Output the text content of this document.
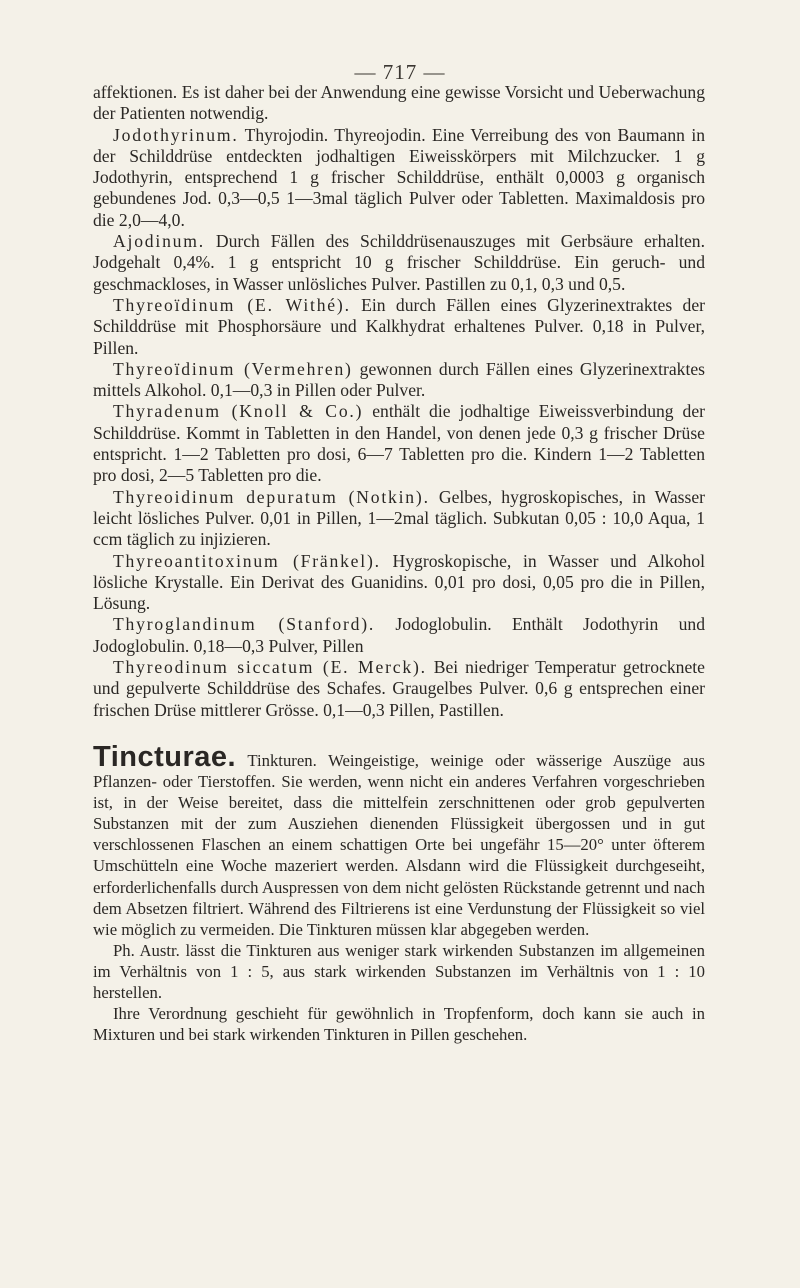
— 717 —

affektionen. Es ist daher bei der Anwendung eine gewisse Vorsicht und Ueberwachung der Patienten notwendig.

Jodothyrinum. Thyrojodin. Thyreojodin. Eine Verreibung des von Baumann in der Schilddrüse entdeckten jodhaltigen Eiweisskörpers mit Milchzucker. 1 g Jodothyrin, entsprechend 1 g frischer Schilddrüse, enthält 0,0003 g organisch gebundenes Jod. 0,3—0,5 1—3mal täglich Pulver oder Tabletten. Maximaldosis pro die 2,0—4,0.

Ajodinum. Durch Fällen des Schilddrüsenauszuges mit Gerbsäure erhalten. Jodgehalt 0,4%. 1 g entspricht 10 g frischer Schilddrüse. Ein geruch- und geschmackloses, in Wasser unlösliches Pulver. Pastillen zu 0,1, 0,3 und 0,5.

Thyreoïdinum (E. Withé). Ein durch Fällen eines Glyzerinextraktes der Schilddrüse mit Phosphorsäure und Kalkhydrat erhaltenes Pulver. 0,18 in Pulver, Pillen.

Thyreoïdinum (Vermehren) gewonnen durch Fällen eines Glyzerinextraktes mittels Alkohol. 0,1—0,3 in Pillen oder Pulver.

Thyradenum (Knoll & Co.) enthält die jodhaltige Eiweissverbindung der Schilddrüse. Kommt in Tabletten in den Handel, von denen jede 0,3 g frischer Drüse entspricht. 1—2 Tabletten pro dosi, 6—7 Tabletten pro die. Kindern 1—2 Tabletten pro dosi, 2—5 Tabletten pro die.

Thyreoidinum depuratum (Notkin). Gelbes, hygroskopisches, in Wasser leicht lösliches Pulver. 0,01 in Pillen, 1—2mal täglich. Subkutan 0,05 : 10,0 Aqua, 1 ccm täglich zu injizieren.

Thyreoantitoxinum (Fränkel). Hygroskopische, in Wasser und Alkohol lösliche Krystalle. Ein Derivat des Guanidins. 0,01 pro dosi, 0,05 pro die in Pillen, Lösung.

Thyroglandinum (Stanford). Jodoglobulin. Enthält Jodothyrin und Jodoglobulin. 0,18—0,3 Pulver, Pillen

Thyreodinum siccatum (E. Merck). Bei niedriger Temperatur getrocknete und gepulverte Schilddrüse des Schafes. Graugelbes Pulver. 0,6 g entsprechen einer frischen Drüse mittlerer Grösse. 0,1—0,3 Pillen, Pastillen.

Tincturae. Tinkturen. Weingeistige, weinige oder wässerige Auszüge aus Pflanzen- oder Tierstoffen. Sie werden, wenn nicht ein anderes Verfahren vorgeschrieben ist, in der Weise bereitet, dass die mittelfein zerschnittenen oder grob gepulverten Substanzen mit der zum Ausziehen dienenden Flüssigkeit übergossen und in gut verschlossenen Flaschen an einem schattigen Orte bei ungefähr 15—20° unter öfterem Umschütteln eine Woche mazeriert werden. Alsdann wird die Flüssigkeit durchgeseiht, erforderlichenfalls durch Auspressen von dem nicht gelösten Rückstande getrennt und nach dem Absetzen filtriert. Während des Filtrierens ist eine Verdunstung der Flüssigkeit so viel wie möglich zu vermeiden. Die Tinkturen müssen klar abgegeben werden.

Ph. Austr. lässt die Tinkturen aus weniger stark wirkenden Substanzen im allgemeinen im Verhältnis von 1 : 5, aus stark wirkenden Substanzen im Verhältnis von 1 : 10 herstellen.

Ihre Verordnung geschieht für gewöhnlich in Tropfenform, doch kann sie auch in Mixturen und bei stark wirkenden Tinkturen in Pillen geschehen.
